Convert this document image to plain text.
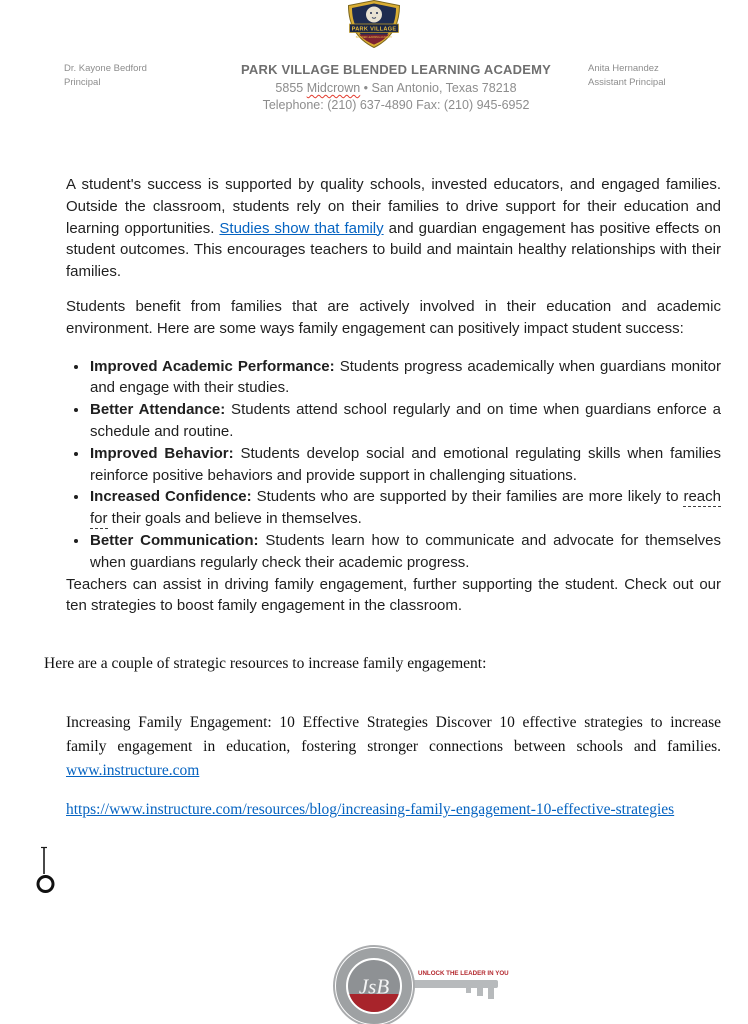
PARK VILLAGE
BLENDED LEARNING ACADEMY
Dr. Kayone Bedford
Principal
PARK VILLAGE BLENDED LEARNING ACADEMY
5855 Midcrown • San Antonio, Texas 78218
Telephone: (210) 637-4890 Fax: (210) 945-6952
Anita Hernandez
Assistant Principal

A student's success is supported by quality schools, invested educators, and engaged families. Outside the classroom, students rely on their families to drive support for their education and learning opportunities. Studies show that family and guardian engagement has positive effects on student outcomes. This encourages teachers to build and maintain healthy relationships with their families.

Students benefit from families that are actively involved in their education and academic environment. Here are some ways family engagement can positively impact student success:

• Improved Academic Performance: Students progress academically when guardians monitor and engage with their studies.
• Better Attendance: Students attend school regularly and on time when guardians enforce a schedule and routine.
• Improved Behavior: Students develop social and emotional regulating skills when families reinforce positive behaviors and provide support in challenging situations.
• Increased Confidence: Students who are supported by their families are more likely to reach for their goals and believe in themselves.
• Better Communication: Students learn how to communicate and advocate for themselves when guardians regularly check their academic progress.

Teachers can assist in driving family engagement, further supporting the student. Check out our ten strategies to boost family engagement in the classroom.

Here are a couple of strategic resources to increase family engagement:

Increasing Family Engagement: 10 Effective Strategies Discover 10 effective strategies to increase family engagement in education, fostering stronger connections between schools and families. www.instructure.com

https://www.instructure.com/resources/blog/increasing-family-engagement-10-effective-strategies

JsB
UNLOCK THE LEADER IN YOU
